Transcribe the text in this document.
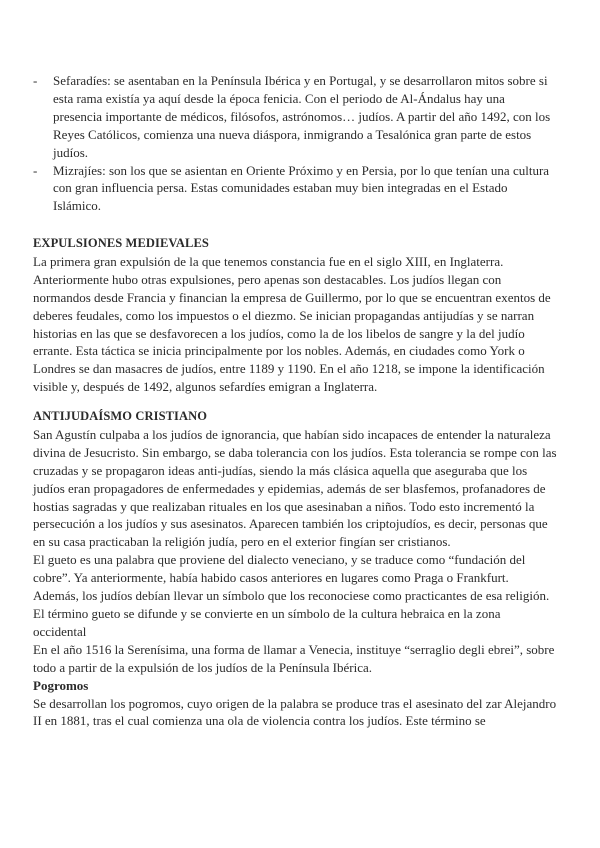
- Sefaradíes: se asentaban en la Península Ibérica y en Portugal, y se desarrollaron mitos sobre si esta rama existía ya aquí desde la época fenicia. Con el periodo de Al-Ándalus hay una presencia importante de médicos, filósofos, astrónomos… judíos. A partir del año 1492, con los Reyes Católicos, comienza una nueva diáspora, inmigrando a Tesalónica gran parte de estos judíos.
- Mizrajíes: son los que se asientan en Oriente Próximo y en Persia, por lo que tenían una cultura con gran influencia persa. Estas comunidades estaban muy bien integradas en el Estado Islámico.
EXPULSIONES MEDIEVALES

La primera gran expulsión de la que tenemos constancia fue en el siglo XIII, en Inglaterra. Anteriormente hubo otras expulsiones, pero apenas son destacables. Los judíos llegan con normandos desde Francia y financian la empresa de Guillermo, por lo que se encuentran exentos de deberes feudales, como los impuestos o el diezmo. Se inician propagandas antijudías y se narran historias en las que se desfavorecen a los judíos, como la de los libelos de sangre y la del judío errante. Esta táctica se inicia principalmente por los nobles. Además, en ciudades como York o Londres se dan masacres de judíos, entre 1189 y 1190. En el año 1218, se impone la identificación visible y, después de 1492, algunos sefardíes emigran a Inglaterra.

ANTIJUDAÍSMO CRISTIANO

San Agustín culpaba a los judíos de ignorancia, que habían sido incapaces de entender la naturaleza divina de Jesucristo. Sin embargo, se daba tolerancia con los judíos. Esta tolerancia se rompe con las cruzadas y se propagaron ideas anti-judías, siendo la más clásica aquella que aseguraba que los judíos eran propagadores de enfermedades y epidemias, además de ser blasfemos, profanadores de hostias sagradas y que realizaban rituales en los que asesinaban a niños. Todo esto incrementó la persecución a los judíos y sus asesinatos. Aparecen también los criptojudíos, es decir, personas que en su casa practicaban la religión judía, pero en el exterior fingían ser cristianos.

El gueto es una palabra que proviene del dialecto veneciano, y se traduce como “fundación del cobre”. Ya anteriormente, había habido casos anteriores en lugares como Praga o Frankfurt. Además, los judíos debían llevar un símbolo que los reconociese como practicantes de esa religión. El término gueto se difunde y se convierte en un símbolo de la cultura hebraica en la zona occidental

En el año 1516 la Serenísima, una forma de llamar a Venecia, instituye “serraglio degli ebrei”, sobre todo a partir de la expulsión de los judíos de la Península Ibérica.

Pogromos

Se desarrollan los pogromos, cuyo origen de la palabra se produce tras el asesinato del zar Alejandro II en 1881, tras el cual comienza una ola de violencia contra los judíos. Este término se
